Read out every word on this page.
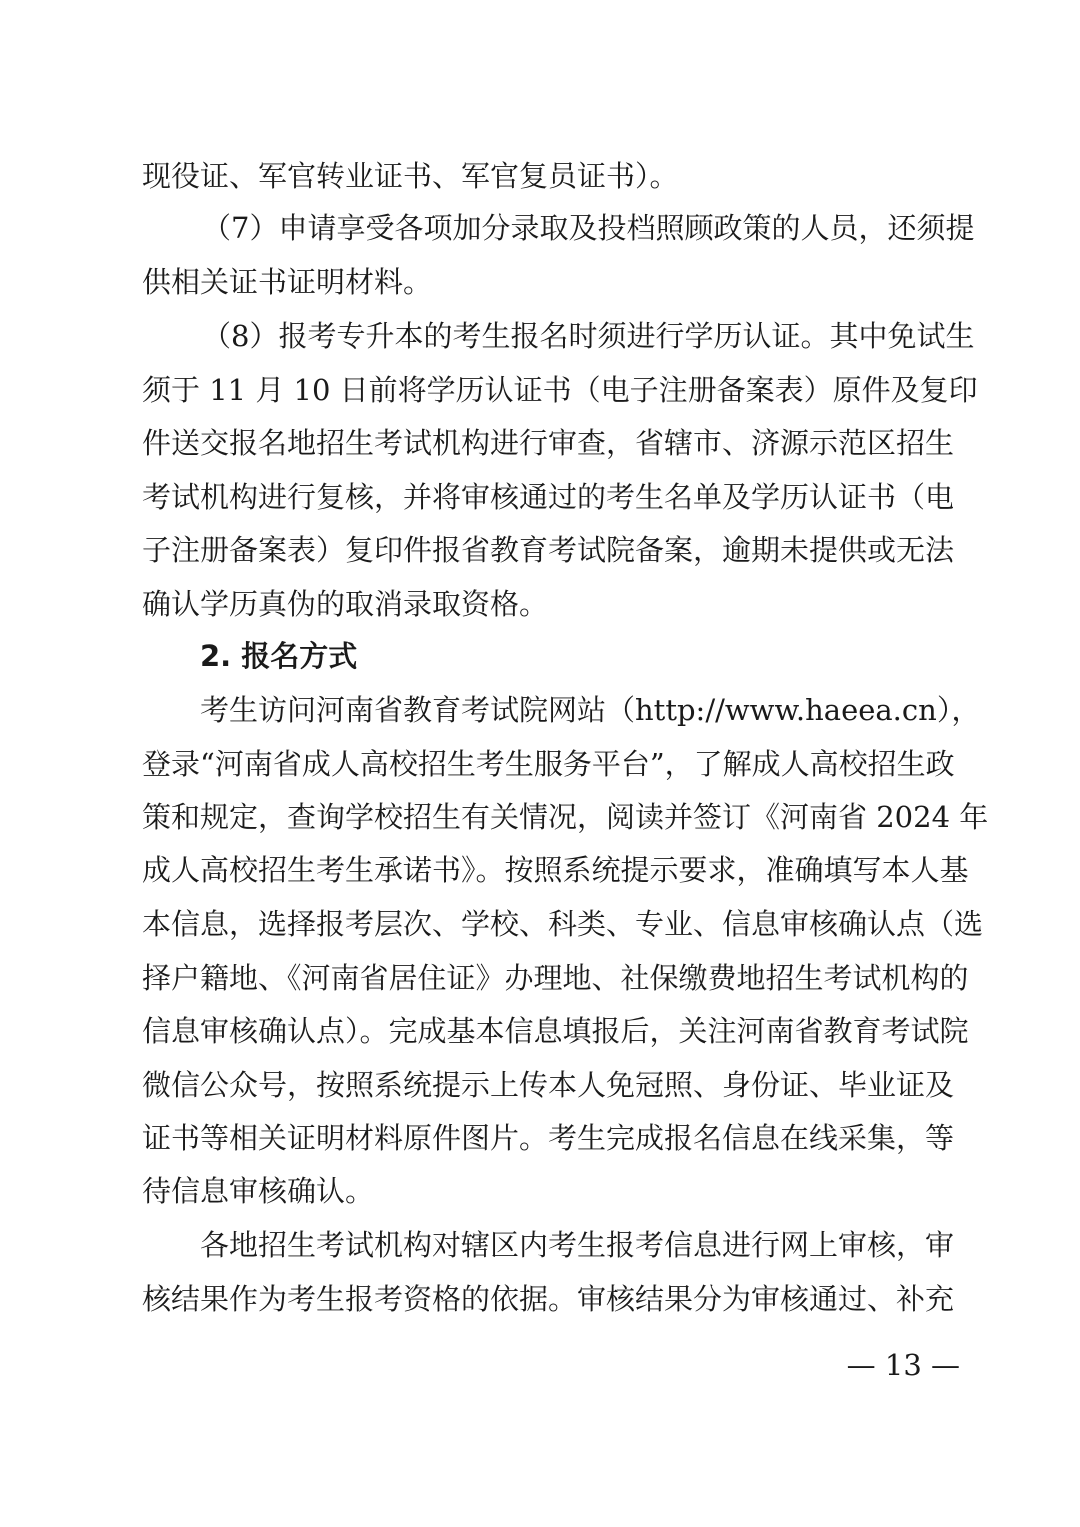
现役证、军官转业证书、军官复员证书）。
（7）申请享受各项加分录取及投档照顾政策的人员，还须提
供相关证书证明材料。
（8）报考专升本的考生报名时须进行学历认证。其中免试生
须于 11 月 10 日前将学历认证书（电子注册备案表）原件及复印
件送交报名地招生考试机构进行审查，省辖市、济源示范区招生
考试机构进行复核，并将审核通过的考生名单及学历认证书（电
子注册备案表）复印件报省教育考试院备案，逾期未提供或无法
确认学历真伪的取消录取资格。
2. 报名方式
考生访问河南省教育考试院网站（http://www.haeea.cn），
登录“河南省成人高校招生考生服务平台”，了解成人高校招生政
策和规定，查询学校招生有关情况，阅读并签订《河南省 2024 年
成人高校招生考生承诺书》。按照系统提示要求，准确填写本人基
本信息，选择报考层次、学校、科类、专业、信息审核确认点（选
择户籍地、《河南省居住证》办理地、社保缴费地招生考试机构的
信息审核确认点）。完成基本信息填报后，关注河南省教育考试院
微信公众号，按照系统提示上传本人免冠照、身份证、毕业证及
证书等相关证明材料原件图片。考生完成报名信息在线采集，等
待信息审核确认。
各地招生考试机构对辖区内考生报考信息进行网上审核，审
核结果作为考生报考资格的依据。审核结果分为审核通过、补充
— 13 —
